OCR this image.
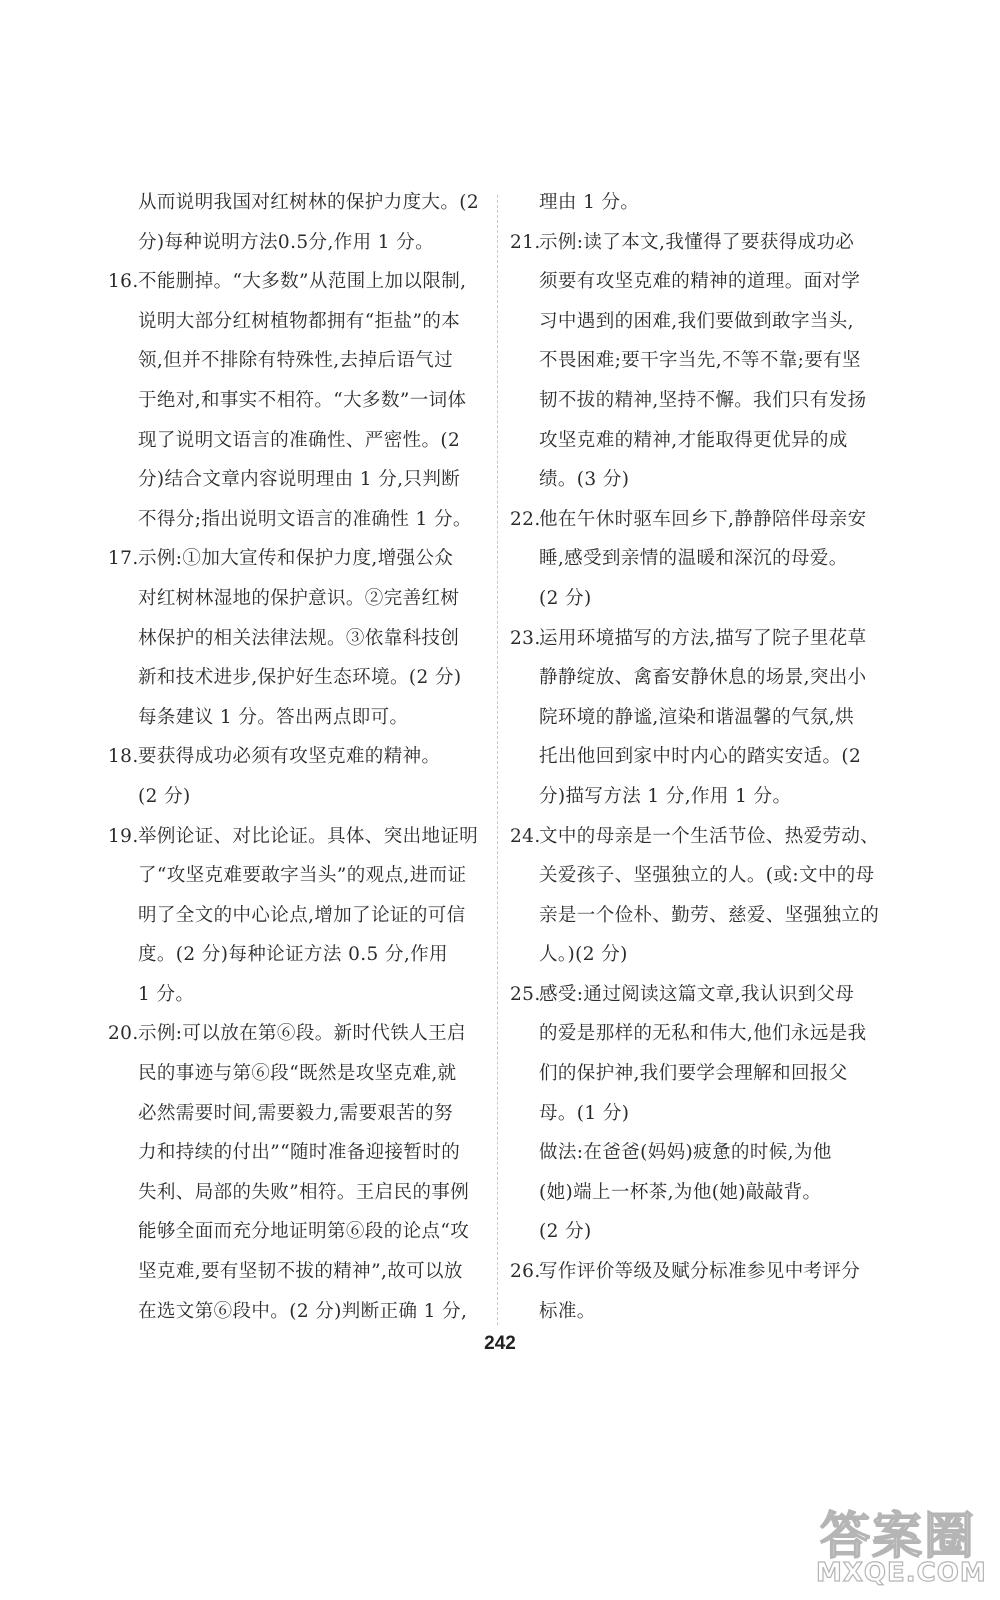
从而说明我国对红树林的保护力度大。(2
分)每种说明方法0.5分,作用 1 分。
16. 不能删掉。“大多数”从范围上加以限制,
说明大部分红树植物都拥有“拒盐”的本
领,但并不排除有特殊性,去掉后语气过
于绝对,和事实不相符。“大多数”一词体
现了说明文语言的准确性、严密性。(2
分)结合文章内容说明理由 1 分,只判断
不得分;指出说明文语言的准确性 1 分。
17. 示例:①加大宣传和保护力度,增强公众
对红树林湿地的保护意识。②完善红树
林保护的相关法律法规。③依靠科技创
新和技术进步,保护好生态环境。(2 分)
每条建议 1 分。答出两点即可。
18. 要获得成功必须有攻坚克难的精神。
(2 分)
19. 举例论证、对比论证。具体、突出地证明
了“攻坚克难要敢字当头”的观点,进而证
明了全文的中心论点,增加了论证的可信
度。(2 分)每种论证方法 0.5 分,作用
1 分。
20. 示例:可以放在第⑥段。新时代铁人王启
民的事迹与第⑥段“既然是攻坚克难,就
必然需要时间,需要毅力,需要艰苦的努
力和持续的付出”“随时准备迎接暂时的
失利、局部的失败”相符。王启民的事例
能够全面而充分地证明第⑥段的论点“攻
坚克难,要有坚韧不拔的精神”,故可以放
在选文第⑥段中。(2 分)判断正确 1 分,
理由 1 分。
21.
示例:读了本文,我懂得了要获得成功必
须要有攻坚克难的精神的道理。面对学
习中遇到的困难,我们要做到敢字当头,
不畏困难;要干字当先,不等不靠;要有坚
韧不拔的精神,坚持不懈。我们只有发扬
攻坚克难的精神,才能取得更优异的成
绩。(3 分)
22.
他在午休时驱车回乡下,静静陪伴母亲安
睡,感受到亲情的温暖和深沉的母爱。
(2 分)
23.
运用环境描写的方法,描写了院子里花草
静静绽放、禽畜安静休息的场景,突出小
院环境的静谧,渲染和谐温馨的气氛,烘
托出他回到家中时内心的踏实安适。(2
分)描写方法 1 分,作用 1 分。
24.
文中的母亲是一个生活节俭、热爱劳动、
关爱孩子、坚强独立的人。(或:文中的母
亲是一个俭朴、勤劳、慈爱、坚强独立的
人。)(2 分)
25.
感受:通过阅读这篇文章,我认识到父母
的爱是那样的无私和伟大,他们永远是我
们的保护神,我们要学会理解和回报父
母。(1 分)
做法:在爸爸(妈妈)疲惫的时候,为他
(她)端上一杯茶,为他(她)敲敲背。
(2 分)
26.
写作评价等级及赋分标准参见中考评分
标准。
242
答案圈
MXQE.COM
